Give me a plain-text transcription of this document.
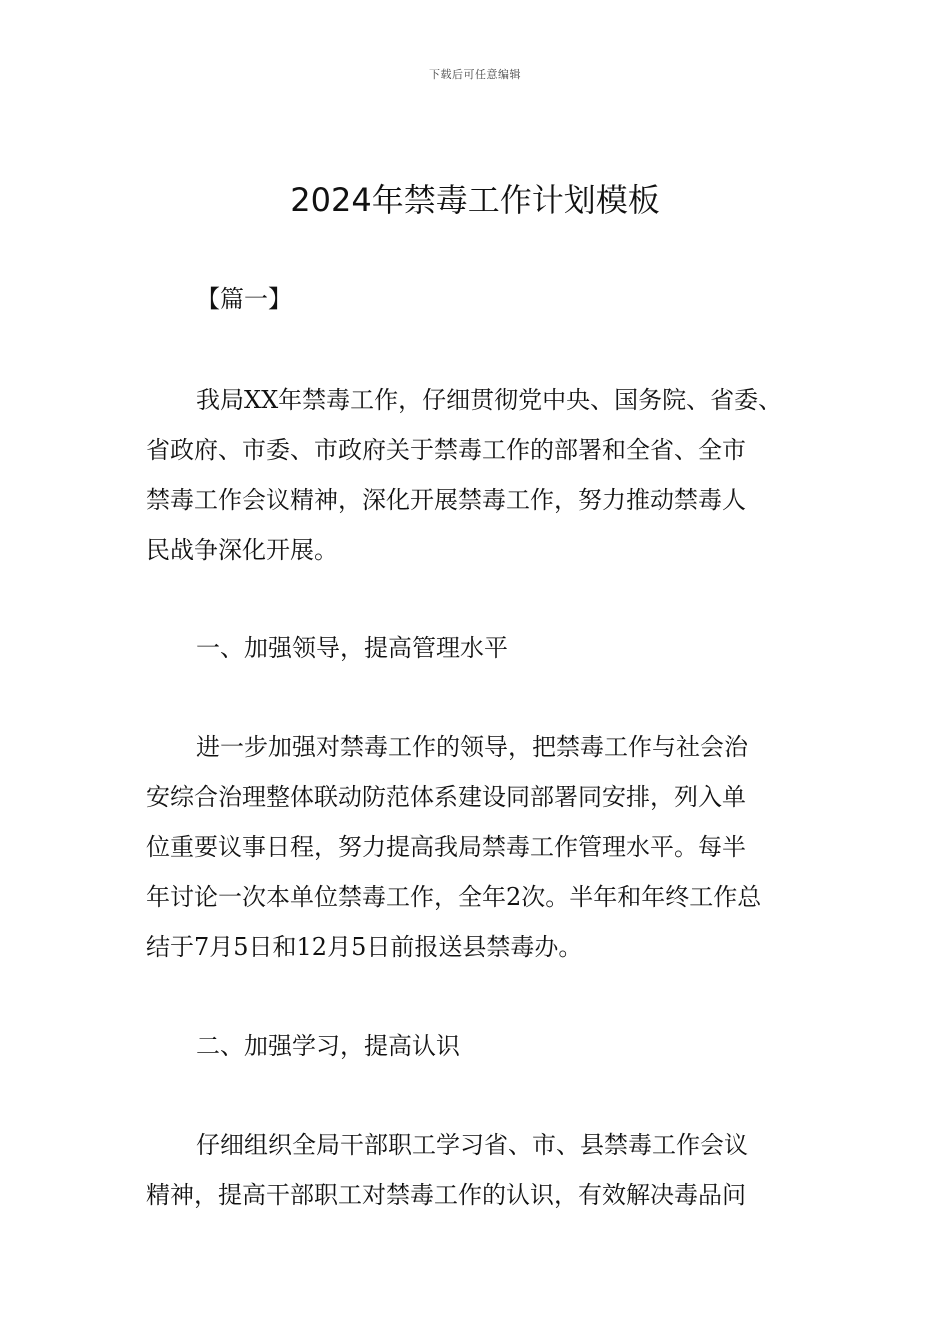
下载后可任意编辑
2024年禁毒工作计划模板
【篇一】
我局XX年禁毒工作，仔细贯彻党中央、国务院、省委、
省政府、市委、市政府关于禁毒工作的部署和全省、全市
禁毒工作会议精神，深化开展禁毒工作，努力推动禁毒人
民战争深化开展。
一、加强领导，提高管理水平
进一步加强对禁毒工作的领导，把禁毒工作与社会治
安综合治理整体联动防范体系建设同部署同安排，列入单
位重要议事日程，努力提高我局禁毒工作管理水平。每半
年讨论一次本单位禁毒工作，全年2次。半年和年终工作总
结于7月5日和12月5日前报送县禁毒办。
二、加强学习，提高认识
仔细组织全局干部职工学习省、市、县禁毒工作会议
精神，提高干部职工对禁毒工作的认识，有效解决毒品问
